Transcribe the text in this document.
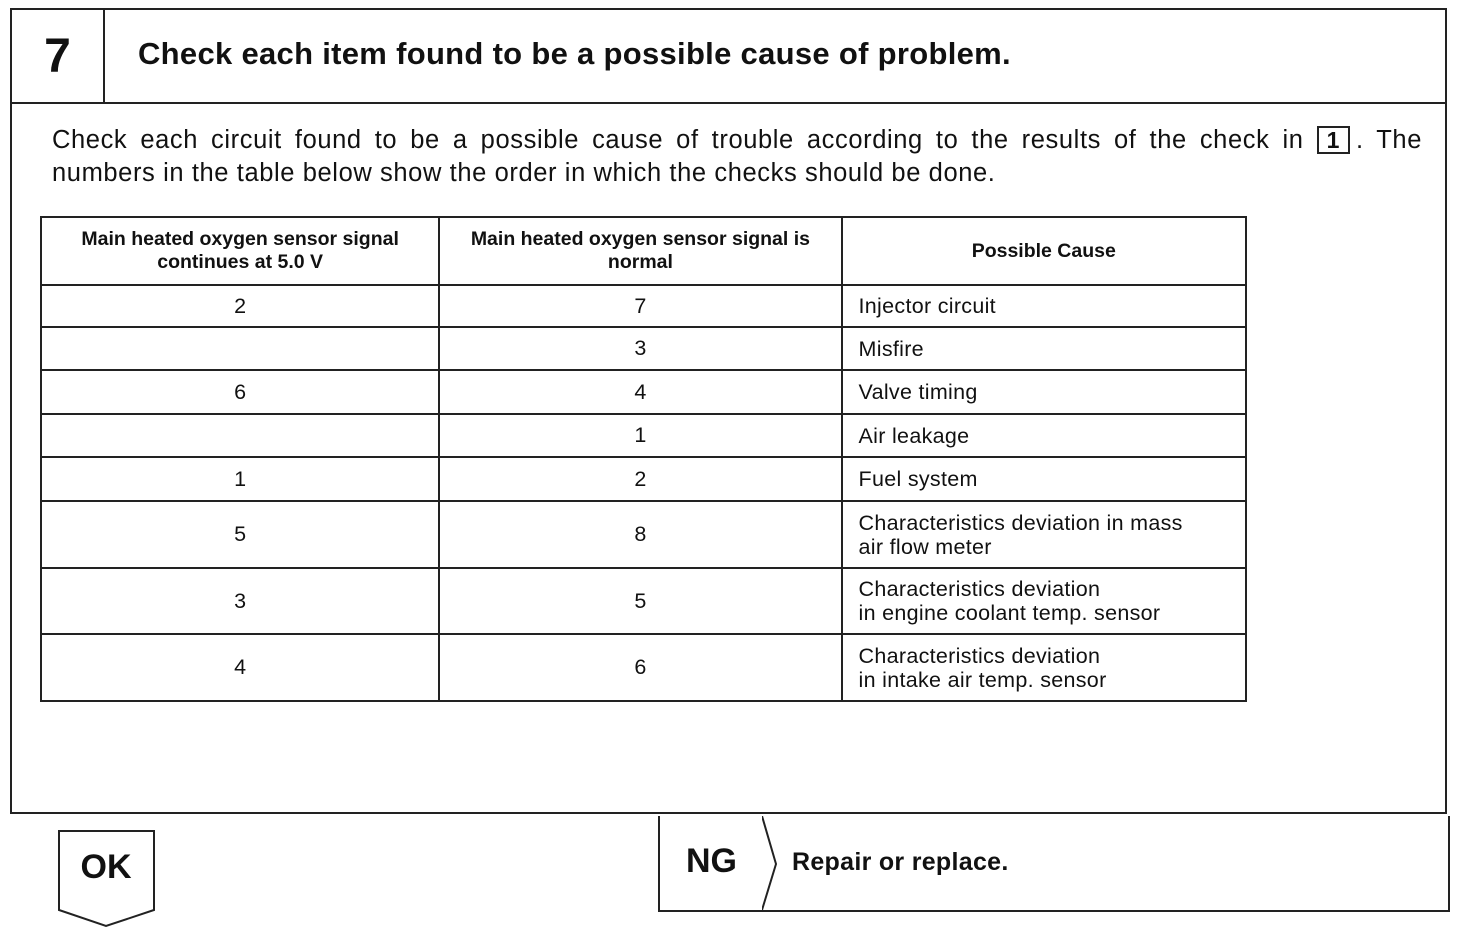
7	Check each item found to be a possible cause of problem.
Check each circuit found to be a possible cause of trouble according to the results of the check in 1 . The numbers in the table below show the order in which the checks should be done.
Main heated oxygen sensor signal continues at 5.0 V	Main heated oxygen sensor signal is normal	Possible Cause
2	7	Injector circuit
	3	Misfire
6	4	Valve timing
	1	Air leakage
1	2	Fuel system
5	8	Characteristics deviation in mass
air flow meter
3	5	Characteristics deviation
in engine coolant temp. sensor
4	6	Characteristics deviation
in intake air temp. sensor
OK	NG Repair or replace.
